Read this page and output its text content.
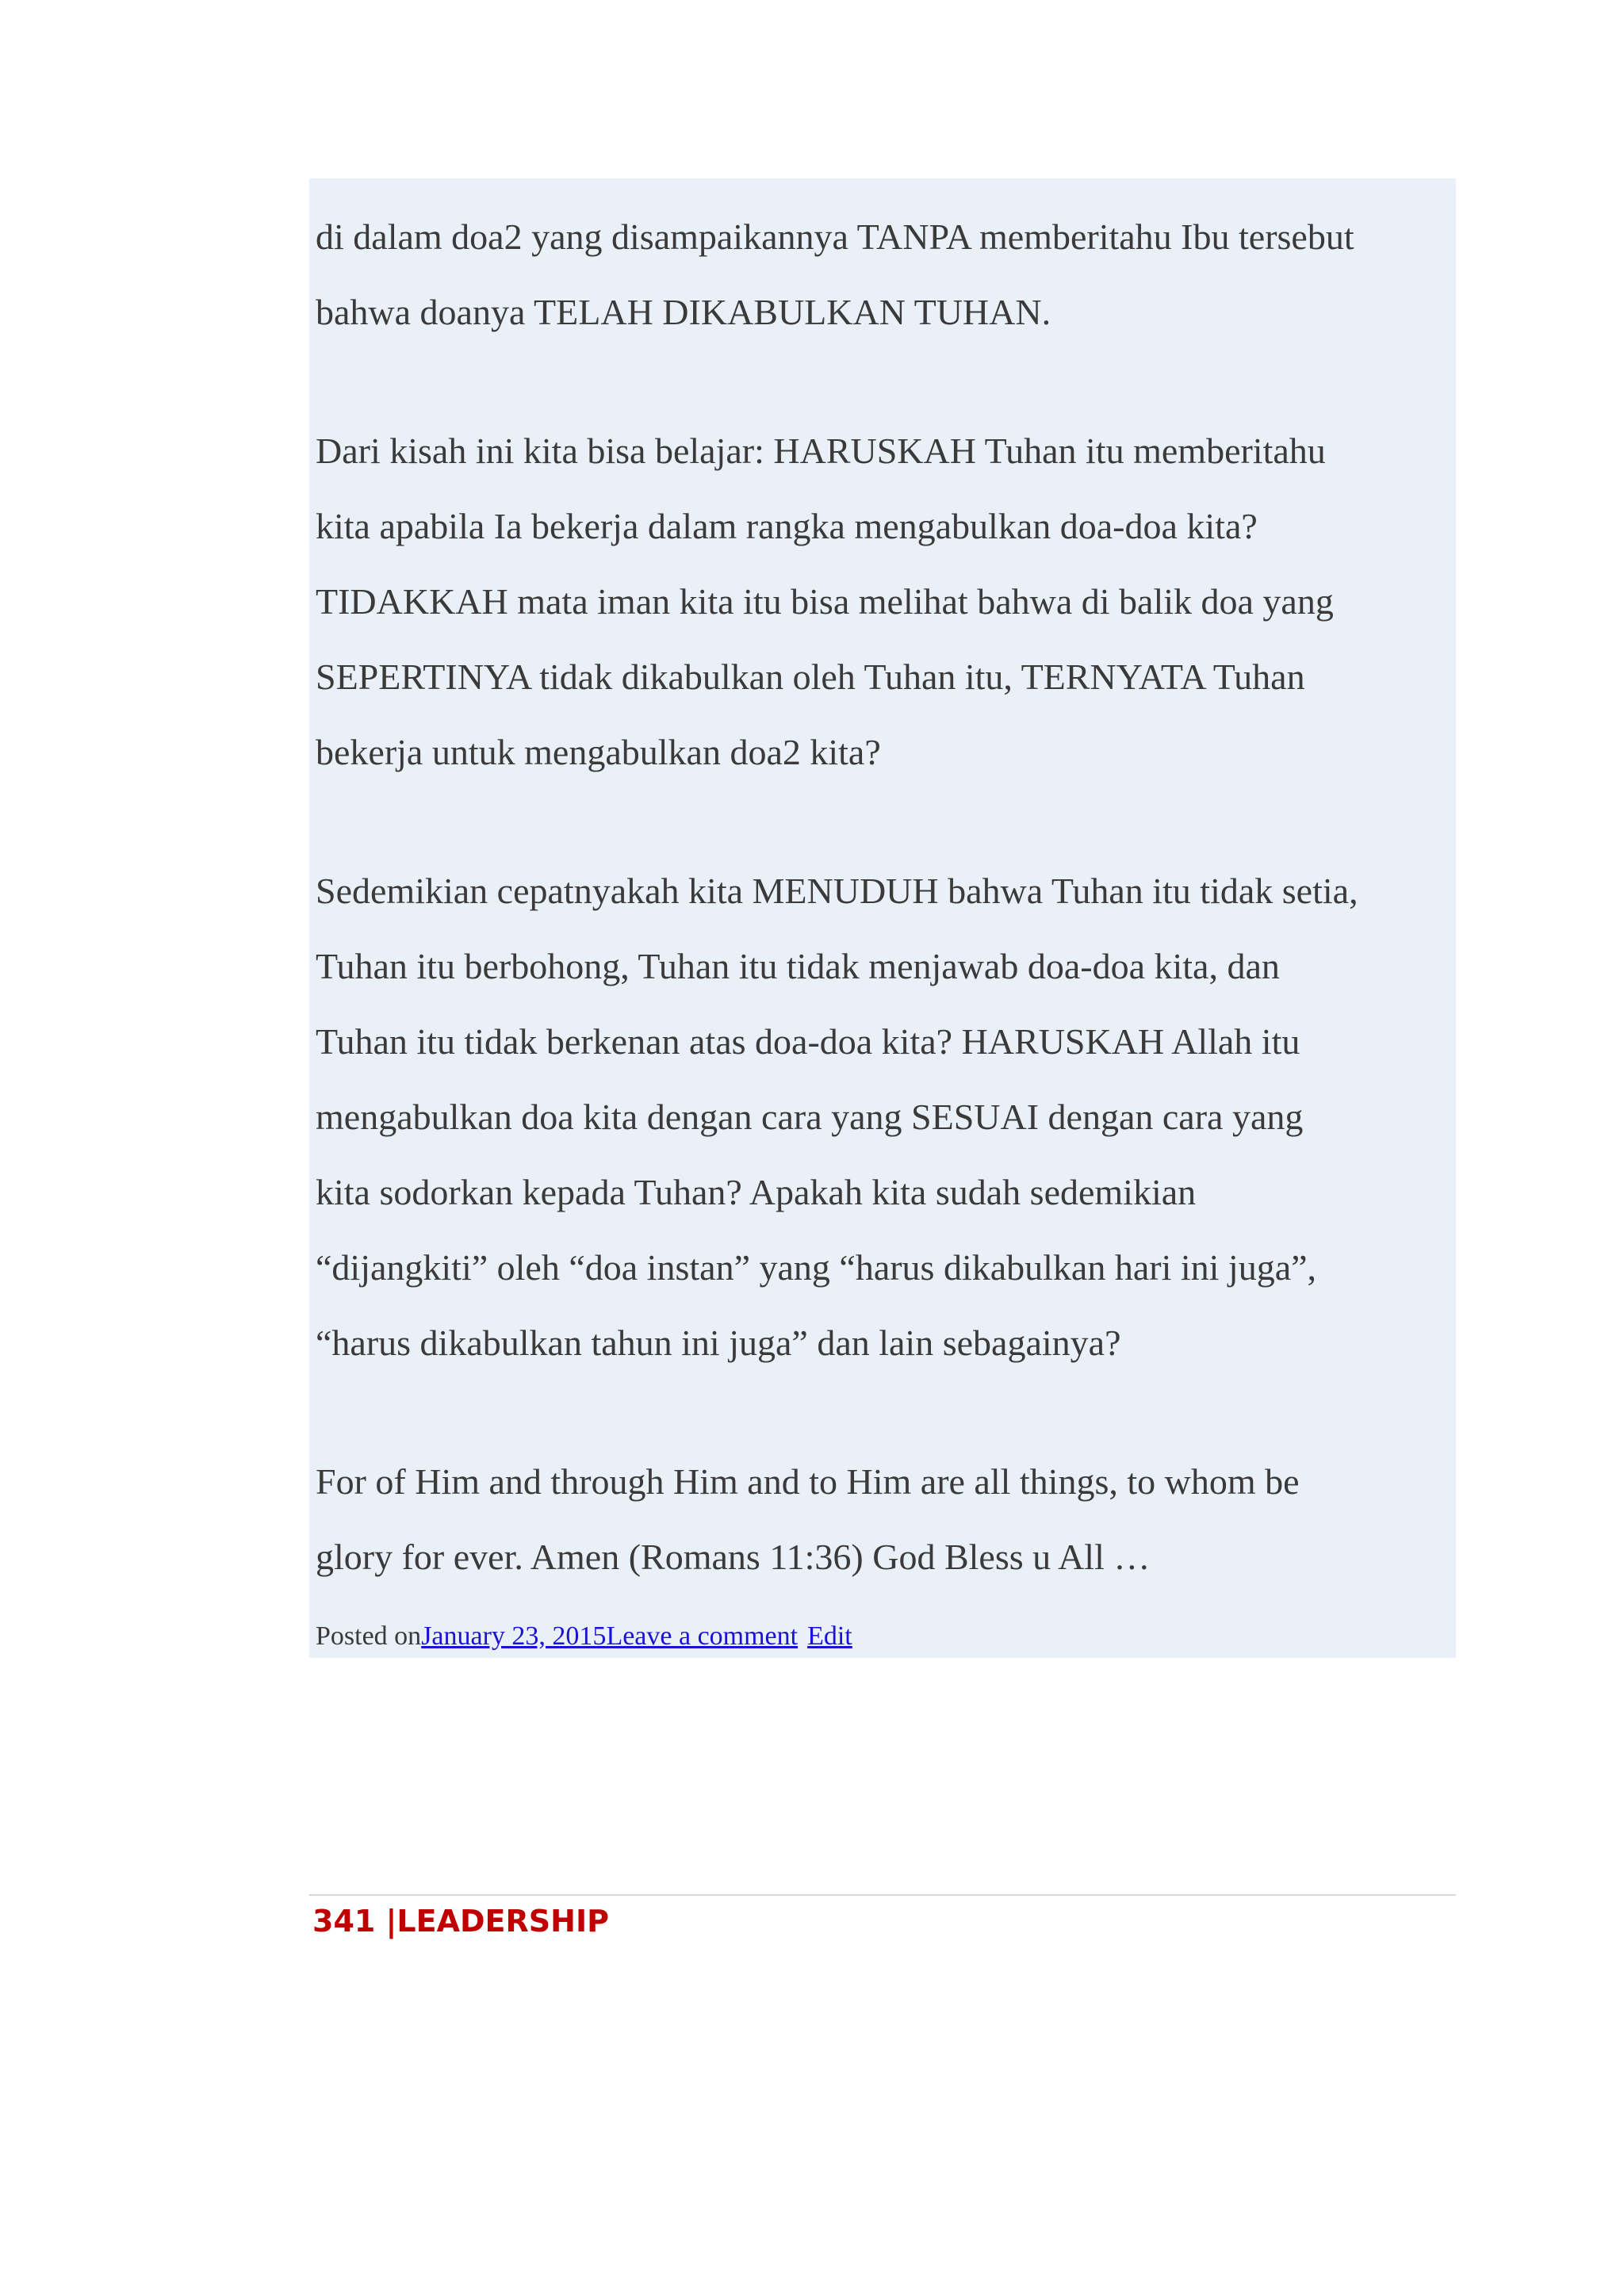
di dalam doa2 yang disampaikannya TANPA memberitahu Ibu tersebut

bahwa doanya TELAH DIKABULKAN TUHAN.

Dari kisah ini kita bisa belajar: HARUSKAH Tuhan itu memberitahu

kita apabila Ia bekerja dalam rangka mengabulkan doa-doa kita?

TIDAKKAH mata iman kita itu bisa melihat bahwa di balik doa yang

SEPERTINYA tidak dikabulkan oleh Tuhan itu, TERNYATA Tuhan

bekerja untuk mengabulkan doa2 kita?

Sedemikian cepatnyakah kita MENUDUH bahwa Tuhan itu tidak setia,

Tuhan itu berbohong, Tuhan itu tidak menjawab doa-doa kita, dan

Tuhan itu tidak berkenan atas doa-doa kita? HARUSKAH Allah itu

mengabulkan doa kita dengan cara yang SESUAI dengan cara yang

kita sodorkan kepada Tuhan? Apakah kita sudah sedemikian

“dijangkiti” oleh “doa instan” yang “harus dikabulkan hari ini juga”,

“harus dikabulkan tahun ini juga” dan lain sebagainya?

For of Him and through Him and to Him are all things, to whom be

glory for ever. Amen (Romans 11:36) God Bless u All …

Posted onJanuary 23, 2015Leave a comment Edit
341 |LEADERSHIP
